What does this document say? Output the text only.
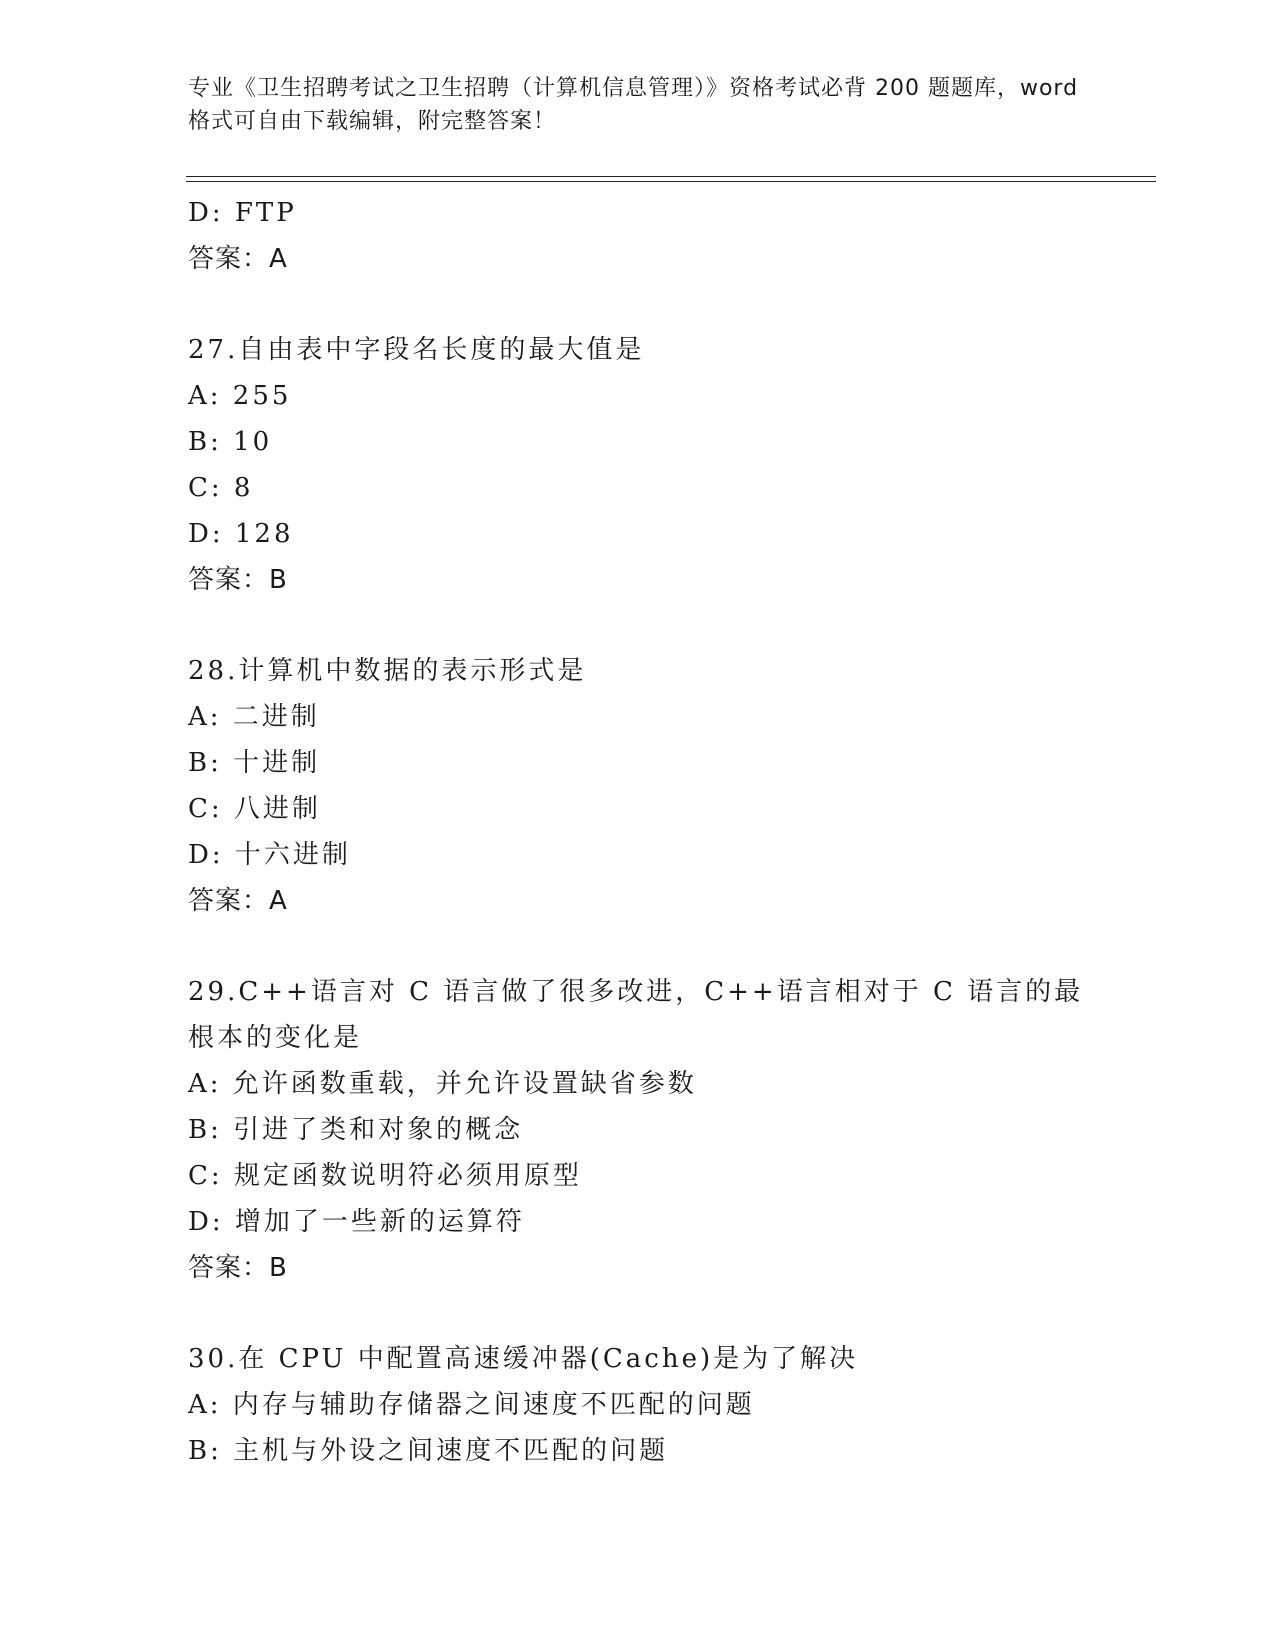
专业《卫生招聘考试之卫生招聘（计算机信息管理）》资格考试必背 200 题题库，word 格式可自由下载编辑，附完整答案！
D: FTP
答案：A
27.自由表中字段名长度的最大值是
A: 255
B: 10
C: 8
D: 128
答案：B
28.计算机中数据的表示形式是
A: 二进制
B: 十进制
C: 八进制
D: 十六进制
答案：A
29.C++语言对 C 语言做了很多改进，C++语言相对于 C 语言的最根本的变化是
A: 允许函数重载，并允许设置缺省参数
B: 引进了类和对象的概念
C: 规定函数说明符必须用原型
D: 增加了一些新的运算符
答案：B
30.在 CPU 中配置高速缓冲器(Cache)是为了解决
A: 内存与辅助存储器之间速度不匹配的问题
B: 主机与外设之间速度不匹配的问题
